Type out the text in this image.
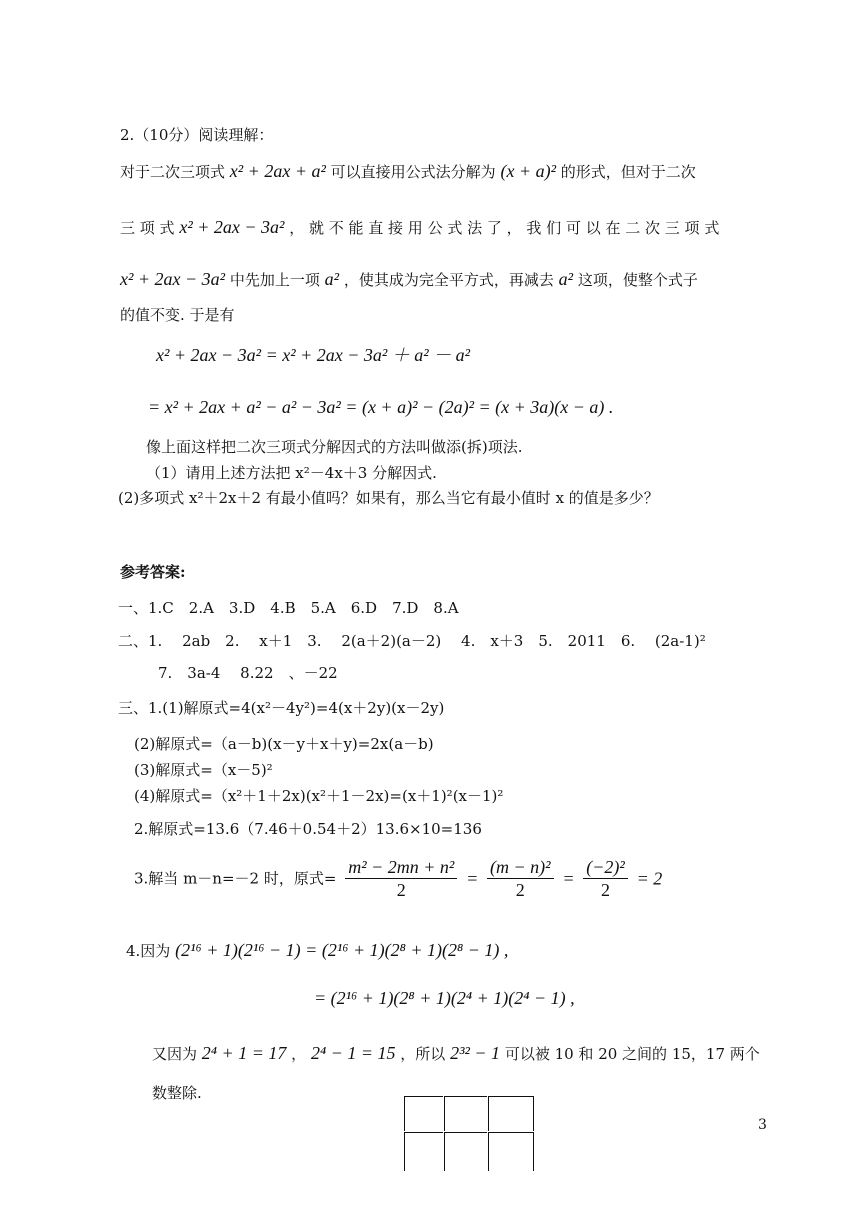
2.（10分）阅读理解：
对于二次三项式 x² + 2ax + a² 可以直接用公式法分解为 (x + a)² 的形式，但对于二次
三 项 式 x² + 2ax − 3a² ， 就 不 能 直 接 用 公 式 法 了 ， 我 们 可 以 在 二 次 三 项 式
x² + 2ax − 3a² 中先加上一项 a² ，使其成为完全平方式，再减去 a² 这项，使整个式子
的值不变. 于是有
x² + 2ax − 3a² = x² + 2ax − 3a² ＋ a² － a²
= x² + 2ax + a² − a² − 3a² = (x + a)² − (2a)² = (x + 3a)(x − a) .
像上面这样把二次三项式分解因式的方法叫做添(拆)项法.
（1）请用上述方法把 x²－4x＋3 分解因式.
(2)多项式 x²＋2x＋2 有最小值吗？如果有，那么当它有最小值时 x 的值是多少？
参考答案:
一、1.C　2.A　3.D　4.B　5.A　6.D　7.D　8.A
二、1.　 2ab　2.　 x＋1　3.　 2(a＋2)(a－2)　 4.　x＋3　5.　2011　6.　 (2a-1)²
7.　3a-4　 8.22　、－22
三、1.(1)解原式=4(x²－4y²)=4(x＋2y)(x－2y)
(2)解原式=（a－b)(x－y＋x＋y)=2x(a－b)
(3)解原式=（x－5)²
(4)解原式=（x²＋1＋2x)(x²＋1－2x)=(x＋1)²(x－1)²
2.解原式=13.6（7.46＋0.54＋2）13.6×10=136
3.解当 m－n=－2 时，原式= $\frac{\text{m² − 2mn + n²}}{2} = \frac{\text{(m − n)²}}{2} = \frac{\text{(−2)²}}{2} = 2$
4.因为 (2¹⁶ + 1)(2¹⁶ − 1) = (2¹⁶ + 1)(2⁸ + 1)(2⁸ − 1) ,
= (2¹⁶ + 1)(2⁸ + 1)(2⁴ + 1)(2⁴ − 1) ,
又因为 2⁴ + 1 = 17 ， 2⁴ − 1 = 15 ，所以 2³² − 1 可以被 10 和 20 之间的 15，17 两个
数整除.
3
